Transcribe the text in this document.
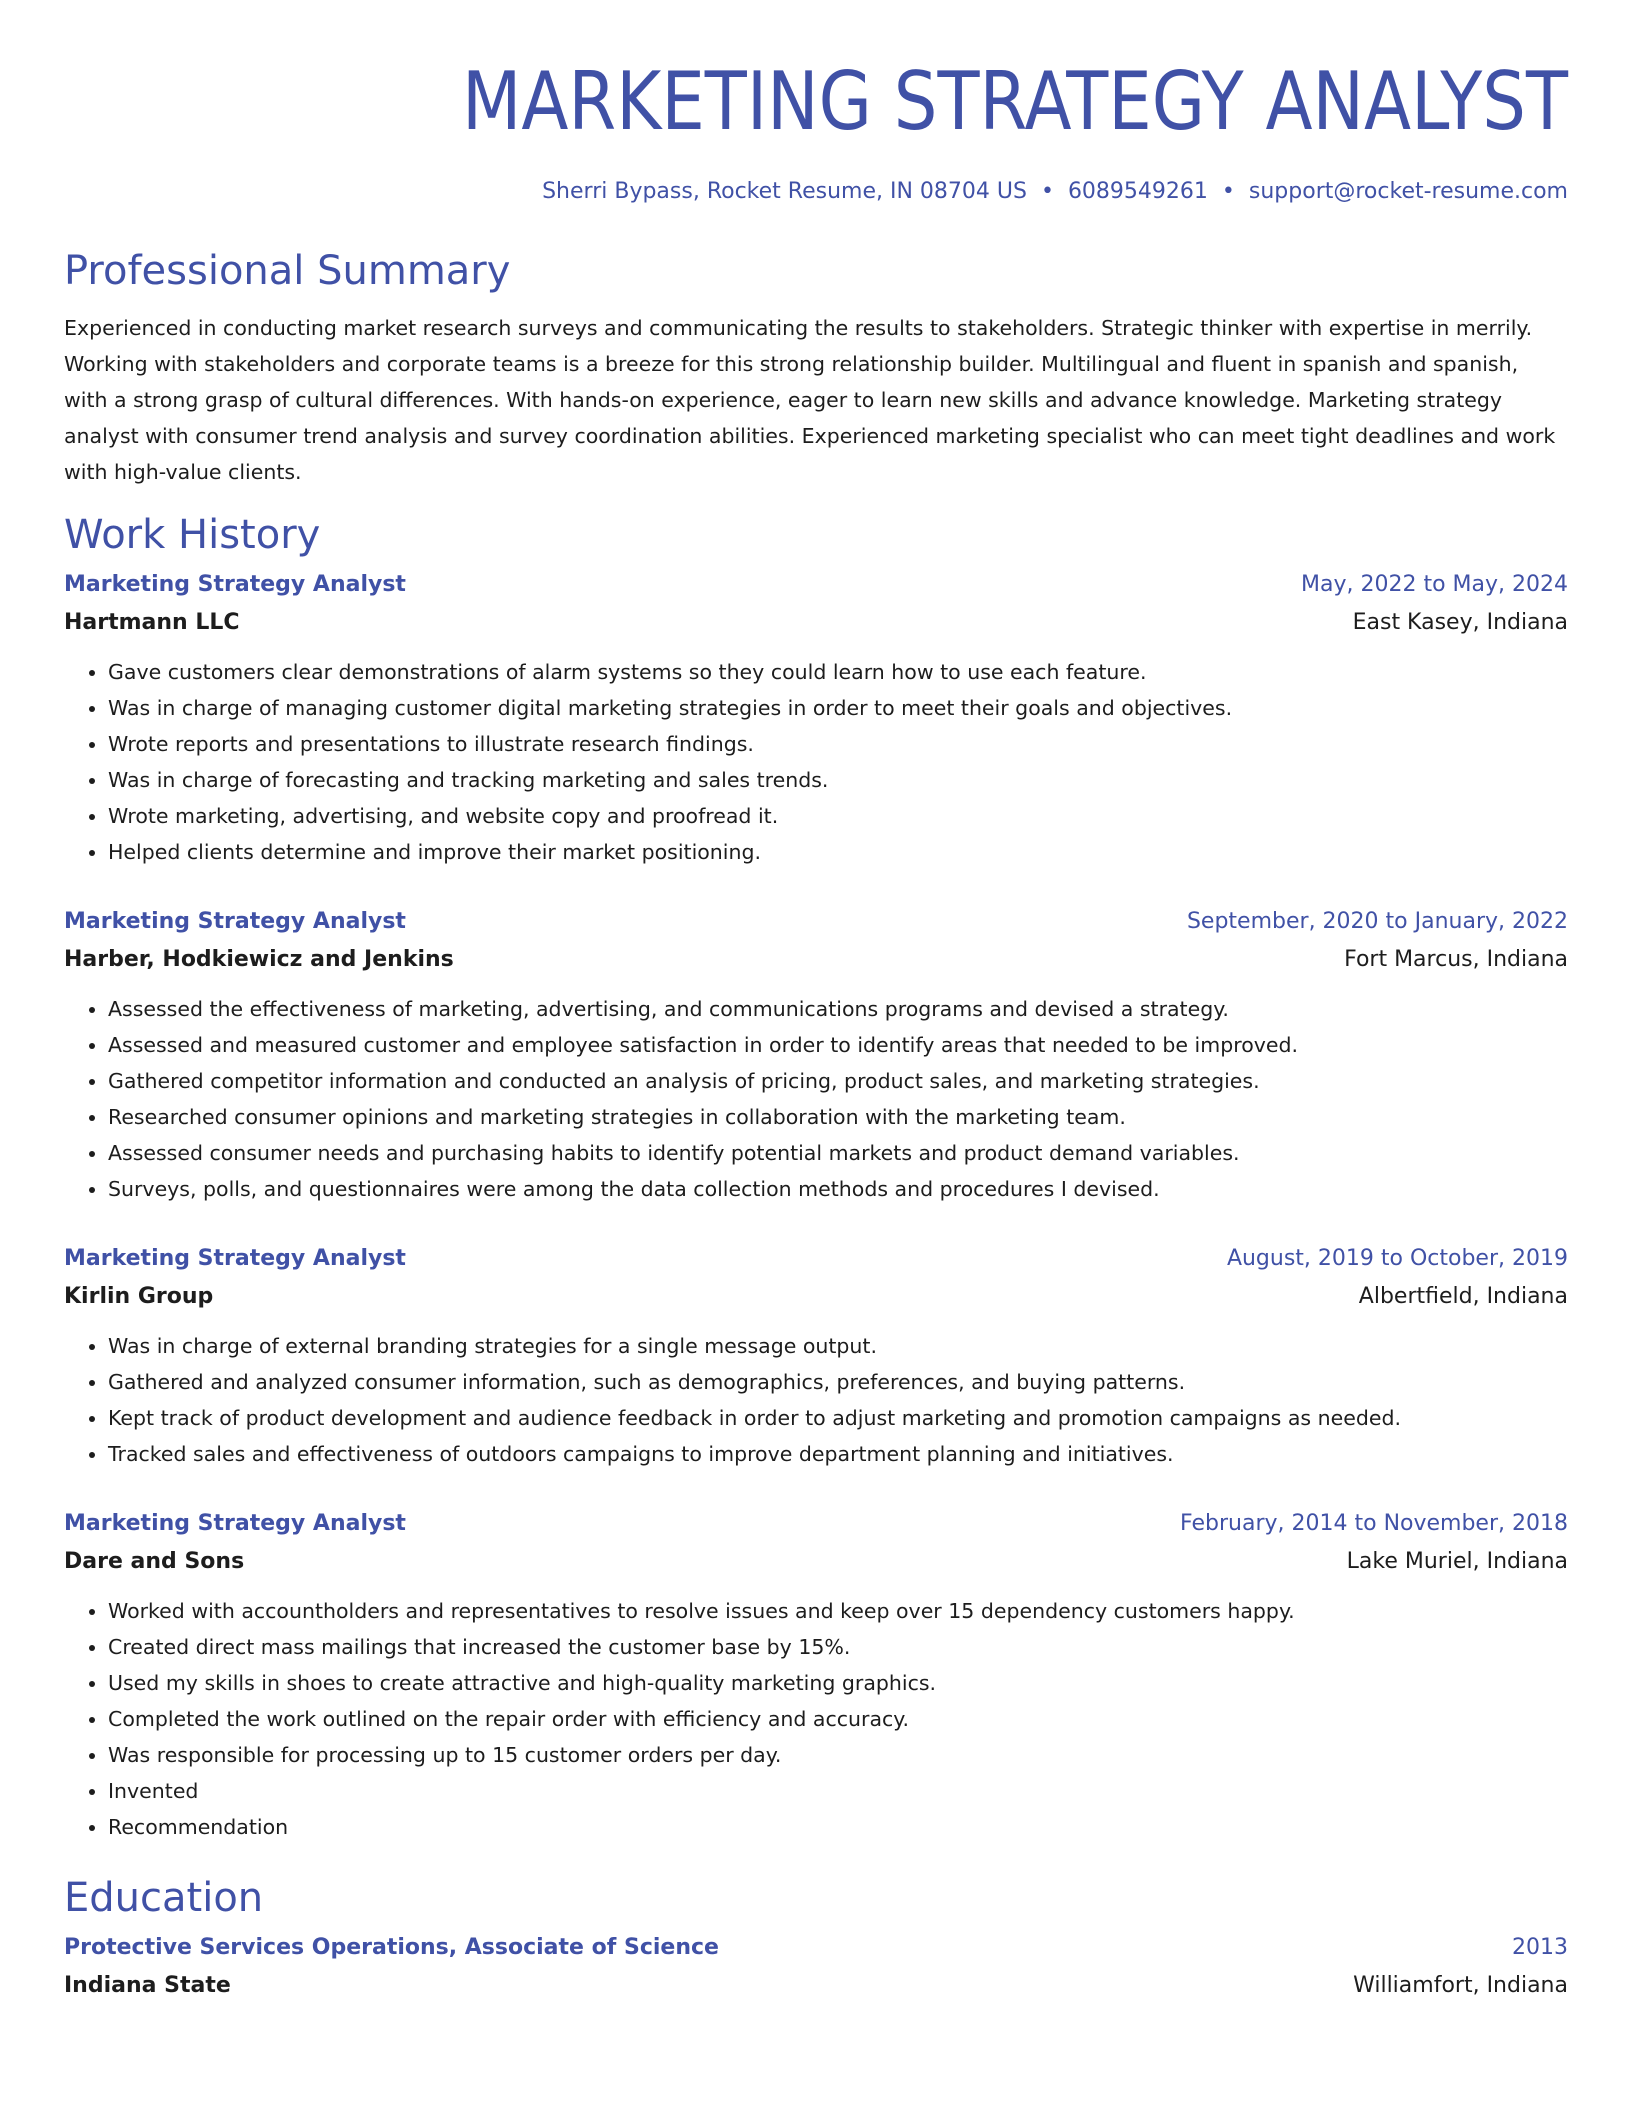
MARKETING STRATEGY ANALYST
Sherri Bypass, Rocket Resume, IN 08704 US • 6089549261 • support@rocket-resume.com
Professional Summary
Experienced in conducting market research surveys and communicating the results to stakeholders. Strategic thinker with expertise in merrily. Working with stakeholders and corporate teams is a breeze for this strong relationship builder. Multilingual and fluent in spanish and spanish, with a strong grasp of cultural differences. With hands-on experience, eager to learn new skills and advance knowledge. Marketing strategy analyst with consumer trend analysis and survey coordination abilities. Experienced marketing specialist who can meet tight deadlines and work with high-value clients.
Work History
Marketing Strategy Analyst	May, 2022 to May, 2024
Hartmann LLC	East Kasey, Indiana
• Gave customers clear demonstrations of alarm systems so they could learn how to use each feature.
• Was in charge of managing customer digital marketing strategies in order to meet their goals and objectives.
• Wrote reports and presentations to illustrate research findings.
• Was in charge of forecasting and tracking marketing and sales trends.
• Wrote marketing, advertising, and website copy and proofread it.
• Helped clients determine and improve their market positioning.
Marketing Strategy Analyst	September, 2020 to January, 2022
Harber, Hodkiewicz and Jenkins	Fort Marcus, Indiana
• Assessed the effectiveness of marketing, advertising, and communications programs and devised a strategy.
• Assessed and measured customer and employee satisfaction in order to identify areas that needed to be improved.
• Gathered competitor information and conducted an analysis of pricing, product sales, and marketing strategies.
• Researched consumer opinions and marketing strategies in collaboration with the marketing team.
• Assessed consumer needs and purchasing habits to identify potential markets and product demand variables.
• Surveys, polls, and questionnaires were among the data collection methods and procedures I devised.
Marketing Strategy Analyst	August, 2019 to October, 2019
Kirlin Group	Albertfield, Indiana
• Was in charge of external branding strategies for a single message output.
• Gathered and analyzed consumer information, such as demographics, preferences, and buying patterns.
• Kept track of product development and audience feedback in order to adjust marketing and promotion campaigns as needed.
• Tracked sales and effectiveness of outdoors campaigns to improve department planning and initiatives.
Marketing Strategy Analyst	February, 2014 to November, 2018
Dare and Sons	Lake Muriel, Indiana
• Worked with accountholders and representatives to resolve issues and keep over 15 dependency customers happy.
• Created direct mass mailings that increased the customer base by 15%.
• Used my skills in shoes to create attractive and high-quality marketing graphics.
• Completed the work outlined on the repair order with efficiency and accuracy.
• Was responsible for processing up to 15 customer orders per day.
• Invented
• Recommendation
Education
Protective Services Operations, Associate of Science	2013
Indiana State	Williamfort, Indiana
